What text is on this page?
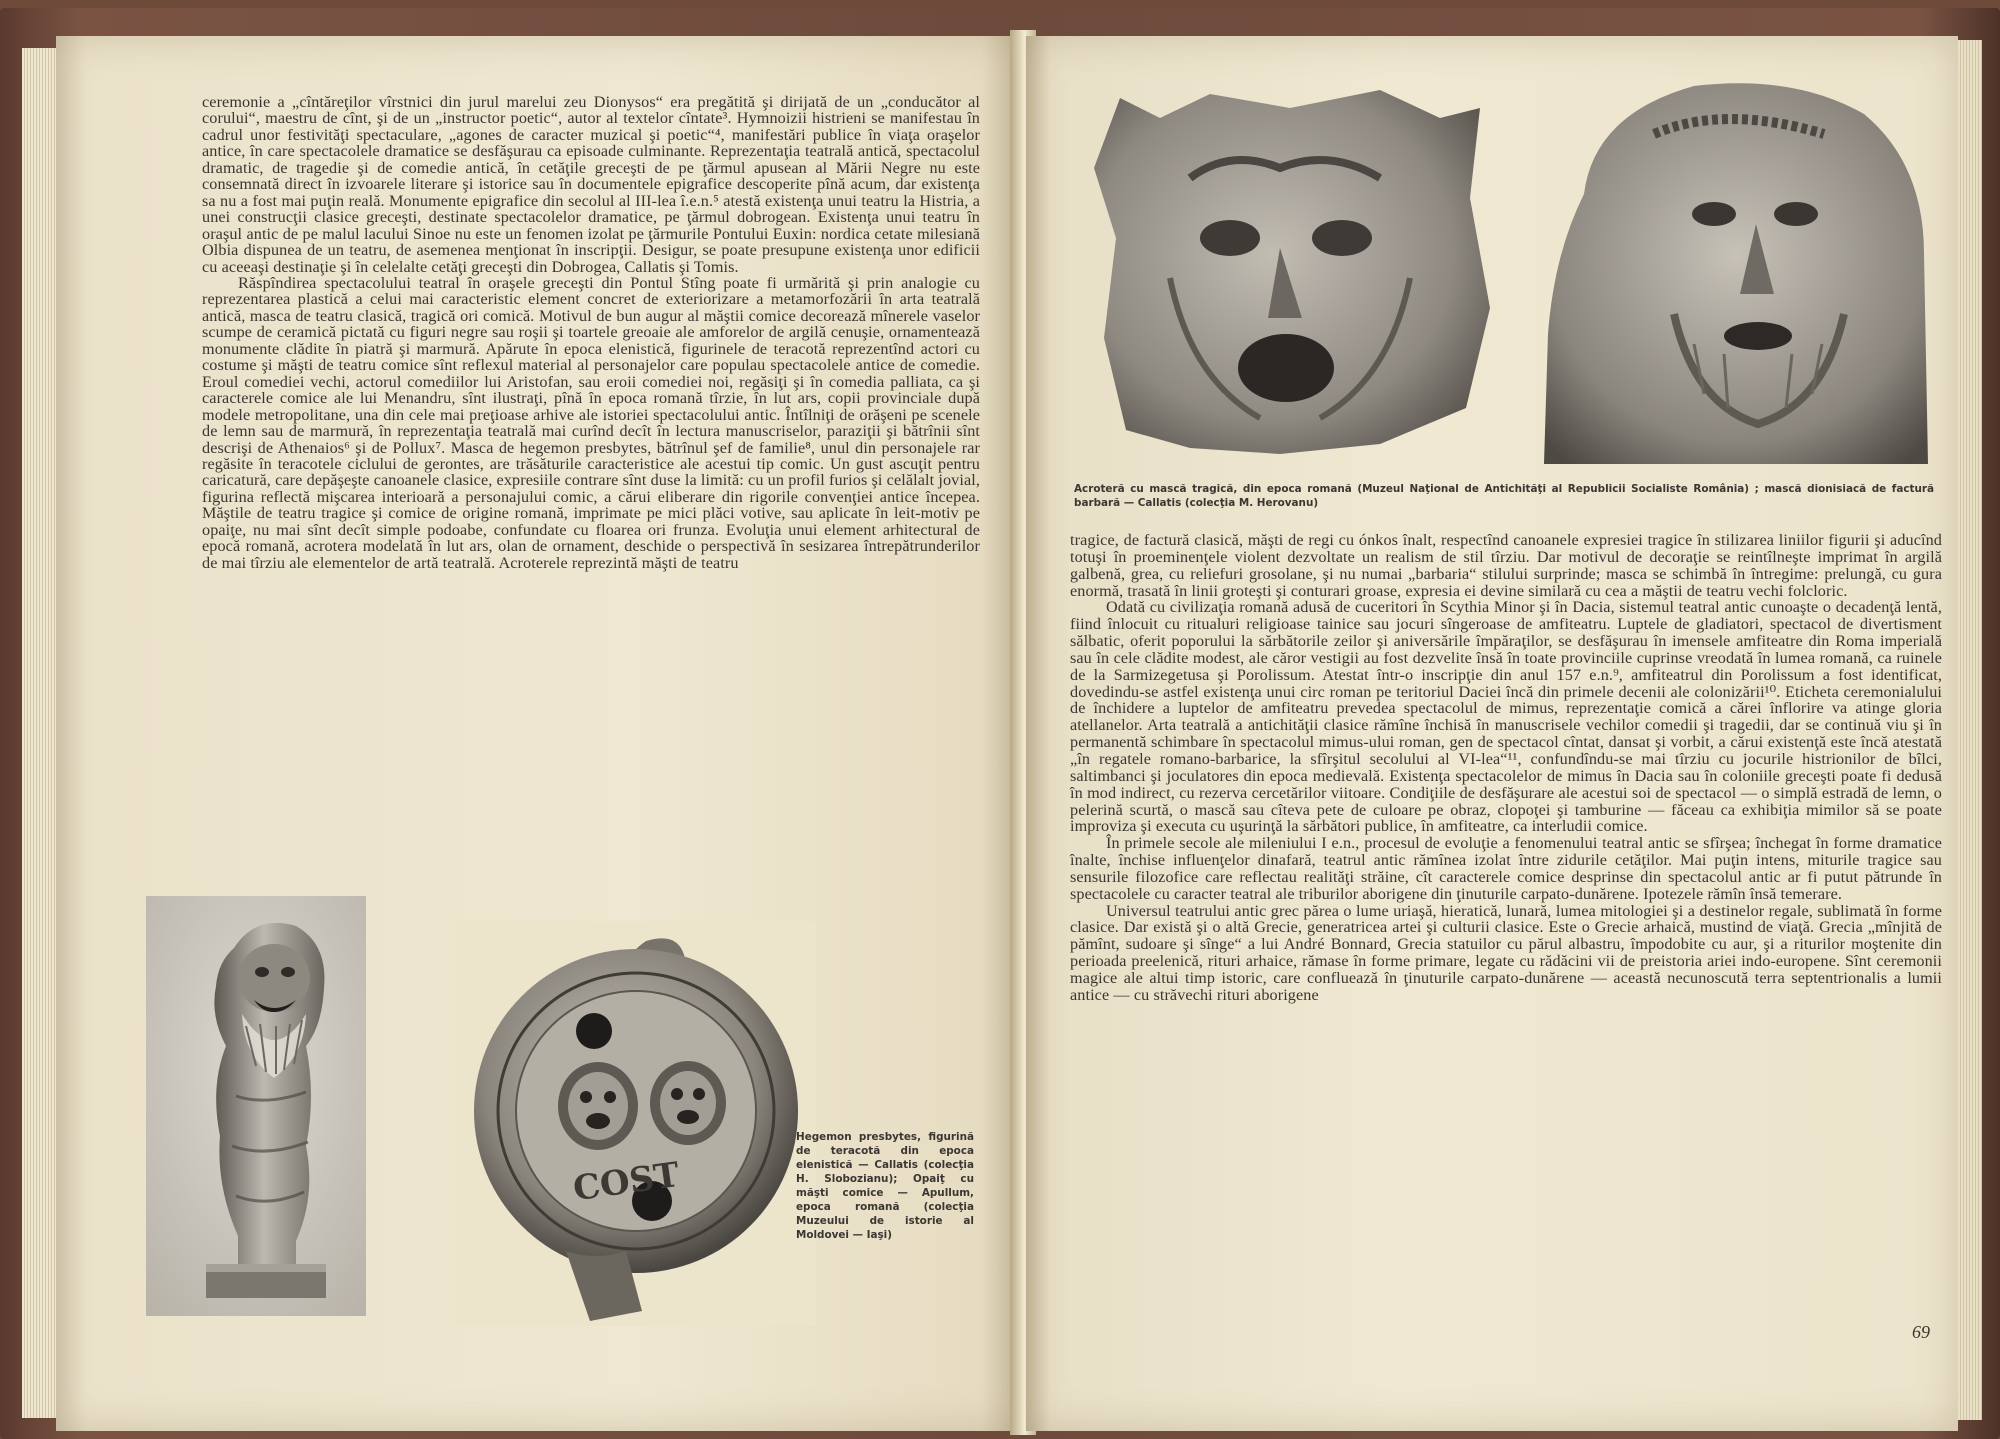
ceremonie a „cîntăreţilor vîrstnici din jurul marelui zeu Dionysos“ era pregătită şi dirijată de un „conducător al corului“, maestru de cînt, şi de un „instructor poetic“, autor al textelor cîntate³. Hymnoizii histrieni se manifestau în cadrul unor festivităţi spectaculare, „agones de caracter muzical şi poetic“⁴, manifestări publice în viaţa oraşelor antice, în care spectacolele dramatice se desfăşurau ca episoade culminante. Reprezentaţia teatrală antică, spectacolul dramatic, de tragedie şi de comedie antică, în cetăţile greceşti de pe ţărmul apusean al Mării Negre nu este consemnată direct în izvoarele literare şi istorice sau în documentele epigrafice descoperite pînă acum, dar existenţa sa nu a fost mai puţin reală. Monumente epigrafice din secolul al III-lea î.e.n.⁵ atestă existenţa unui teatru la Histria, a unei construcţii clasice greceşti, destinate spectacolelor dramatice, pe ţărmul dobrogean. Existenţa unui teatru în oraşul antic de pe malul lacului Sinoe nu este un fenomen izolat pe ţărmurile Pontului Euxin: nordica cetate milesiană Olbia dispunea de un teatru, de asemenea menţionat în inscripţii. Desigur, se poate presupune existenţa unor edificii cu aceeaşi destinaţie şi în celelalte cetăţi greceşti din Dobrogea, Callatis şi Tomis.

Răspîndirea spectacolului teatral în oraşele greceşti din Pontul Stîng poate fi urmărită şi prin analogie cu reprezentarea plastică a celui mai caracteristic element concret de exteriorizare a metamorfozării în arta teatrală antică, masca de teatru clasică, tragică ori comică. Motivul de bun augur al măştii comice decorează mînerele vaselor scumpe de ceramică pictată cu figuri negre sau roşii şi toartele greoaie ale amforelor de argilă cenuşie, ornamentează monumente clădite în piatră şi marmură. Apărute în epoca elenistică, figurinele de teracotă reprezentînd actori cu costume şi măşti de teatru comice sînt reflexul material al personajelor care populau spectacolele antice de comedie. Eroul comediei vechi, actorul comediilor lui Aristofan, sau eroii comediei noi, regăsiţi şi în comedia palliata, ca şi caracterele comice ale lui Menandru, sînt ilustraţi, pînă în epoca romană tîrzie, în lut ars, copii provinciale după modele metropolitane, una din cele mai preţioase arhive ale istoriei spectacolului antic. Întîlniţi de orăşeni pe scenele de lemn sau de marmură, în reprezentaţia teatrală mai curînd decît în lectura manuscriselor, paraziţii şi bătrînii sînt descrişi de Athenaios⁶ şi de Pollux⁷. Masca de hegemon presbytes, bătrînul şef de familie⁸, unul din personajele rar regăsite în teracotele ciclului de gerontes, are trăsăturile caracteristice ale acestui tip comic. Un gust ascuţit pentru caricatură, care depăşeşte canoanele clasice, expresiile contrare sînt duse la limită: cu un profil furios şi celălalt jovial, figurina reflectă mişcarea interioară a personajului comic, a cărui eliberare din rigorile convenţiei antice începea. Măştile de teatru tragice şi comice de origine romană, imprimate pe mici plăci votive, sau aplicate în leit-motiv pe opaiţe, nu mai sînt decît simple podoabe, confundate cu floarea ori frunza. Evoluţia unui element arhitectural de epocă romană, acrotera modelată în lut ars, olan de ornament, deschide o perspectivă în sesizarea întrepătrunderilor de mai tîrziu ale elementelor de artă teatrală. Acroterele reprezintă măşti de teatru

COST
Hegemon presbytes, figurină de teracotă din epoca elenistică — Callatis (colecţia H. Slobozianu); Opaiţ cu măşti comice — Apullum, epoca romană (colecţia Muzeului de istorie al Moldovei — Iaşi)
Acroteră cu mască tragică, din epoca romană (Muzeul Naţional de Antichităţi al Republicii Socialiste România) ; mască dionisiacă de factură barbară — Callatis (colecţia M. Herovanu)

tragice, de factură clasică, măşti de regi cu ónkos înalt, respectînd canoanele expresiei tragice în stilizarea liniilor figurii şi aducînd totuşi în proeminenţele violent dezvoltate un realism de stil tîrziu. Dar motivul de decoraţie se reintîlneşte imprimat în argilă galbenă, grea, cu reliefuri grosolane, şi nu numai „barbaria“ stilului surprinde; masca se schimbă în întregime: prelungă, cu gura enormă, trasată în linii groteşti şi conturari groase, expresia ei devine similară cu cea a măştii de teatru vechi folcloric.

Odată cu civilizaţia romană adusă de cuceritori în Scythia Minor şi în Dacia, sistemul teatral antic cunoaşte o decadenţă lentă, fiind înlocuit cu ritualuri religioase tainice sau jocuri sîngeroase de amfiteatru. Luptele de gladiatori, spectacol de divertisment sălbatic, oferit poporului la sărbătorile zeilor şi aniversările împăraţilor, se desfăşurau în imensele amfiteatre din Roma imperială sau în cele clădite modest, ale căror vestigii au fost dezvelite însă în toate provinciile cuprinse vreodată în lumea romană, ca ruinele de la Sarmizegetusa şi Porolissum. Atestat într-o inscripţie din anul 157 e.n.⁹, amfiteatrul din Porolissum a fost identificat, dovedindu-se astfel existenţa unui circ roman pe teritoriul Daciei încă din primele decenii ale colonizării¹⁰. Eticheta ceremonialului de închidere a luptelor de amfiteatru prevedea spectacolul de mimus, reprezentaţie comică a cărei înflorire va atinge gloria atellanelor. Arta teatrală a antichităţii clasice rămîne închisă în manuscrisele vechilor comedii şi tragedii, dar se continuă viu şi în permanentă schimbare în spectacolul mimus-ului roman, gen de spectacol cîntat, dansat şi vorbit, a cărui existenţă este încă atestată „în regatele romano-barbarice, la sfîrşitul secolului al VI-lea“¹¹, confundîndu-se mai tîrziu cu jocurile histrionilor de bîlci, saltimbanci şi joculatores din epoca medievală. Existenţa spectacolelor de mimus în Dacia sau în coloniile greceşti poate fi dedusă în mod indirect, cu rezerva cercetărilor viitoare. Condiţiile de desfăşurare ale acestui soi de spectacol — o simplă estradă de lemn, o pelerină scurtă, o mască sau cîteva pete de culoare pe obraz, clopoţei şi tamburine — făceau ca exhibiţia mimilor să se poate improviza şi executa cu uşurinţă la sărbători publice, în amfiteatre, ca interludii comice.

În primele secole ale mileniului I e.n., procesul de evoluţie a fenomenului teatral antic se sfîrşea; închegat în forme dramatice înalte, închise influenţelor dinafară, teatrul antic rămînea izolat între zidurile cetăţilor. Mai puţin intens, miturile tragice sau sensurile filozofice care reflectau realităţi străine, cît caracterele comice desprinse din spectacolul antic ar fi putut pătrunde în spectacolele cu caracter teatral ale triburilor aborigene din ţinuturile carpato-dunărene. Ipotezele rămîn însă temerare.

Universul teatrului antic grec părea o lume uriaşă, hieratică, lunară, lumea mitologiei şi a destinelor regale, sublimată în forme clasice. Dar există şi o altă Grecie, generatricea artei şi culturii clasice. Este o Grecie arhaică, mustind de viaţă. Grecia „mînjită de pămînt, sudoare şi sînge“ a lui André Bonnard, Grecia statuilor cu părul albastru, împodobite cu aur, şi a riturilor moştenite din perioada preelenică, rituri arhaice, rămase în forme primare, legate cu rădăcini vii de preistoria ariei indo-europene. Sînt ceremonii magice ale altui timp istoric, care confluează în ţinuturile carpato-dunărene — această necunoscută terra septentrionalis a lumii antice — cu străvechi rituri aborigene

69
